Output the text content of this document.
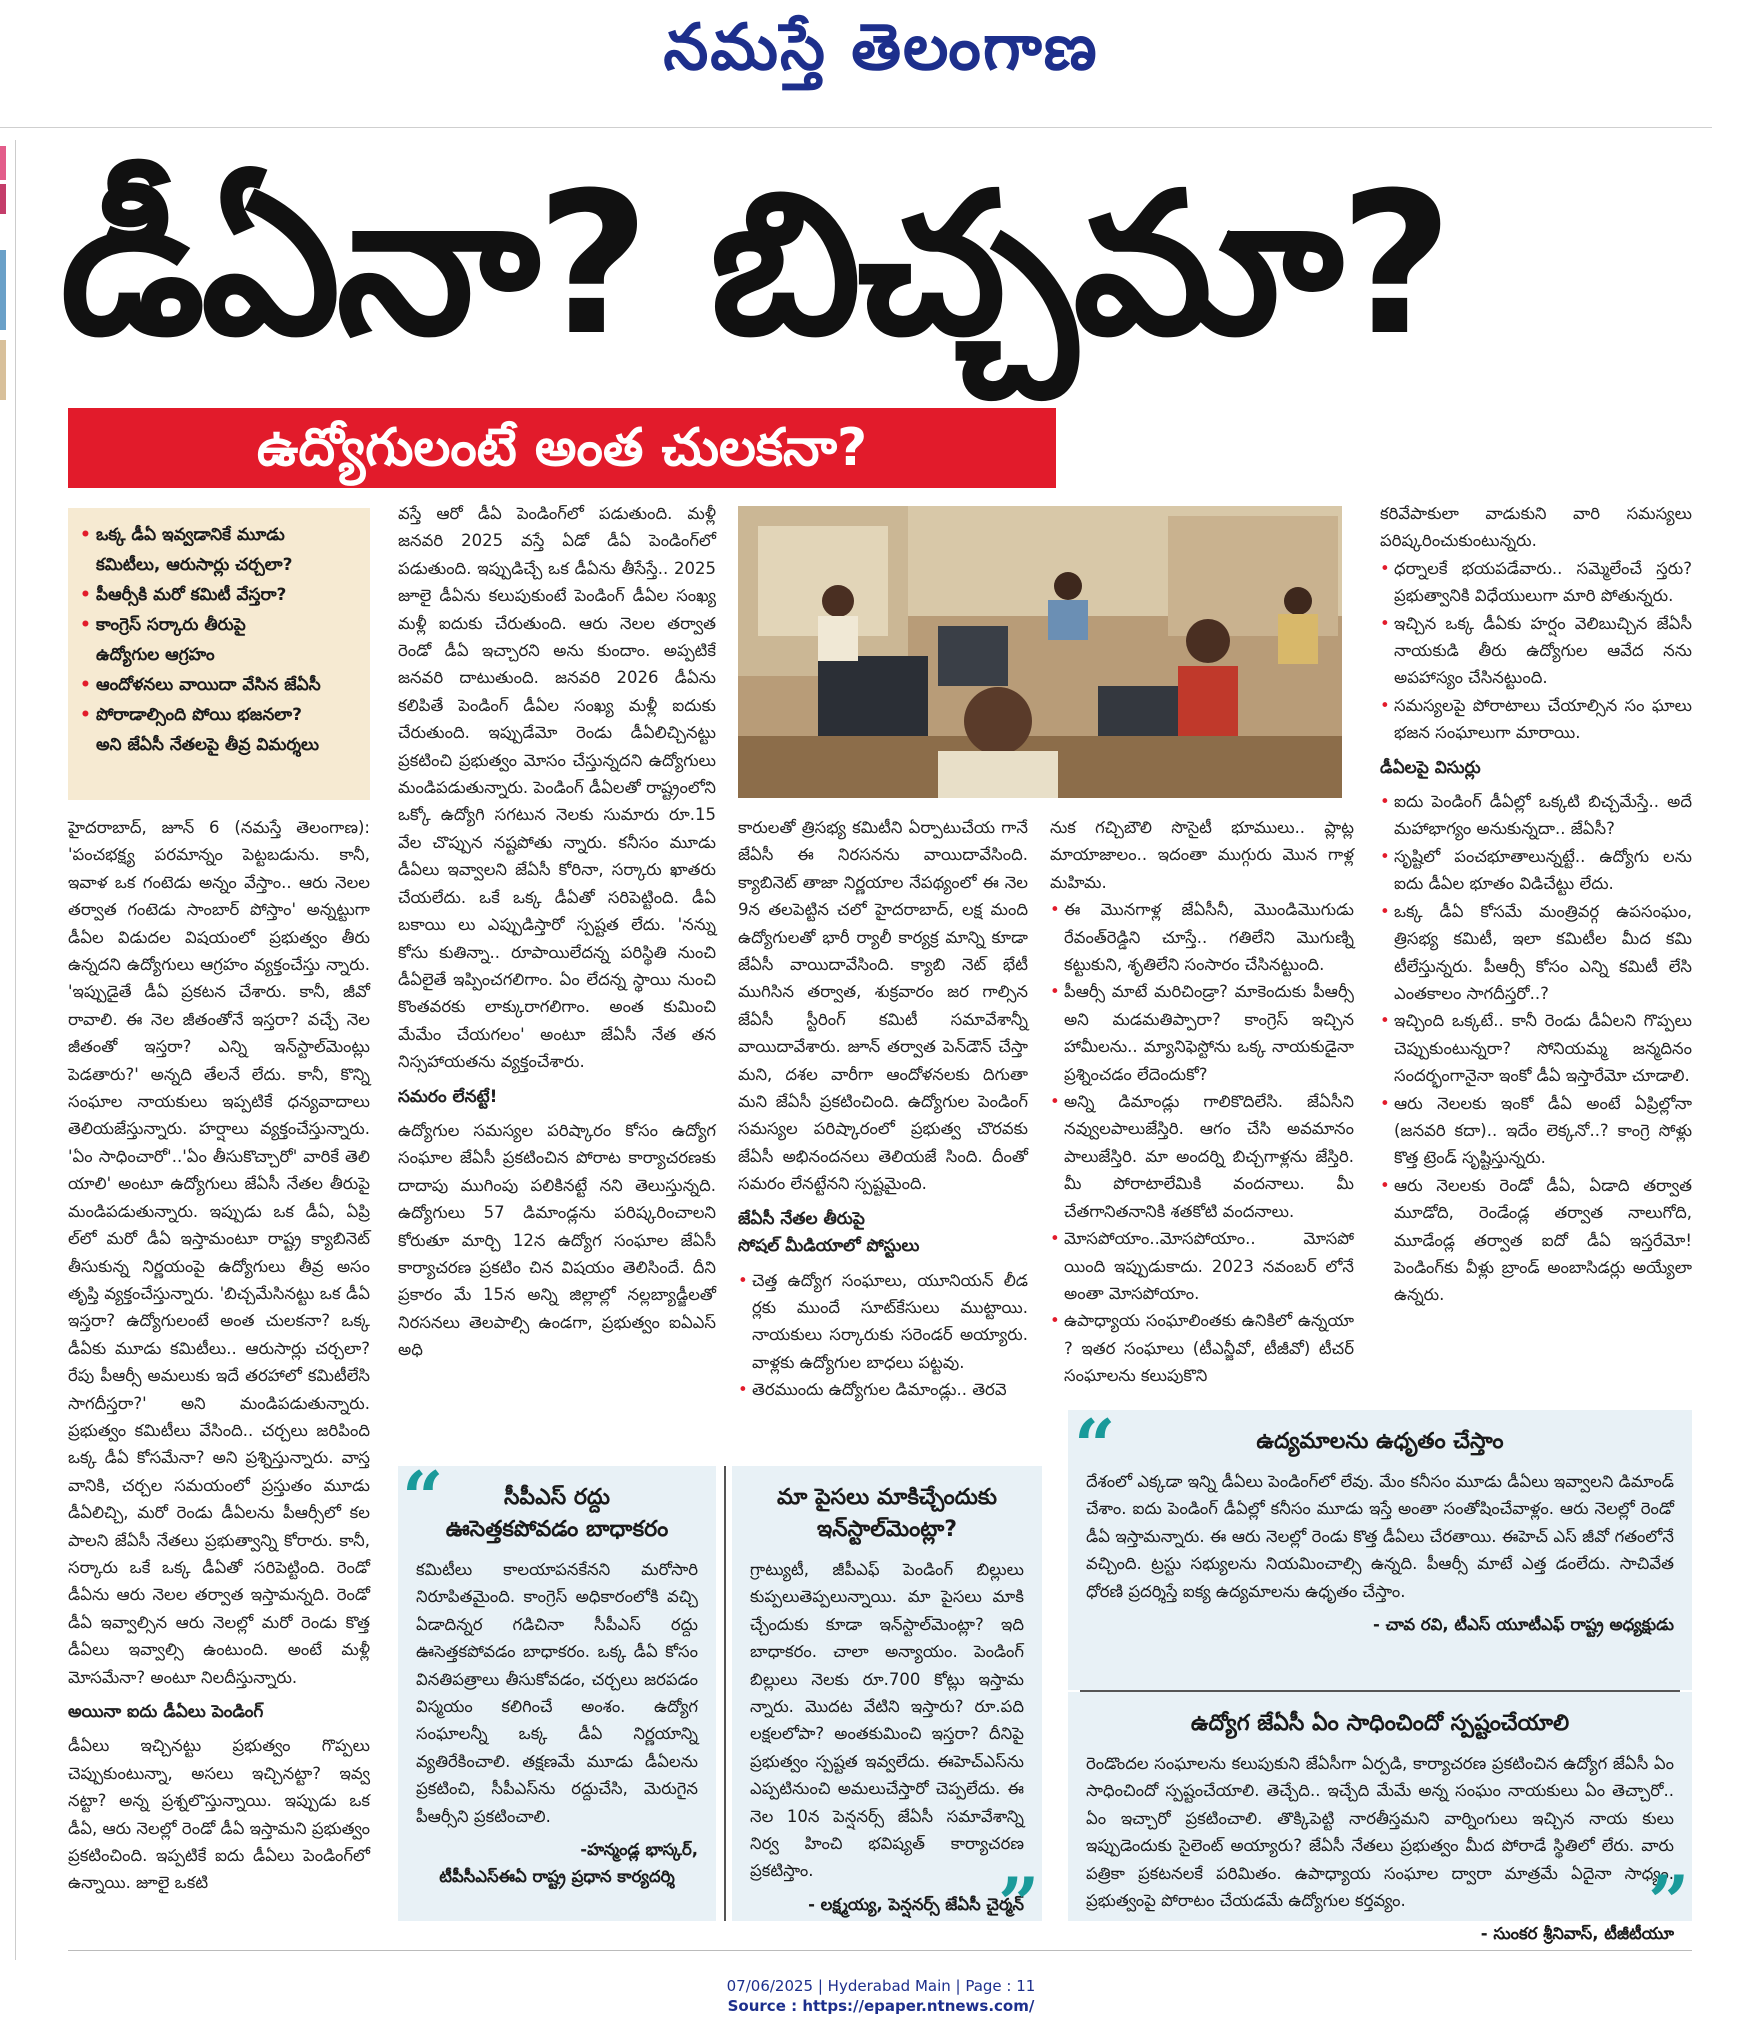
నమస్తే తెలంగాణ
డీఏనా? బిచ్చమా?
ఉద్యోగులంటే అంత చులకనా?
• ఒక్క డీఏ ఇవ్వడానికే మూడు
కమిటీలు, ఆరుసార్లు చర్చలా?
• పీఆర్సీకి మరో కమిటీ వేస్తరా?
• కాంగ్రెస్ సర్కారు తీరుపై
ఉద్యోగుల ఆగ్రహం
• ఆందోళనలు వాయిదా వేసిన జేఏసీ
• పోరాడాల్సింది పోయి భజనలా?
అని జేఏసీ నేతలపై తీవ్ర విమర్శలు

హైదరాబాద్, జూన్ 6 (నమస్తే తెలంగాణ): 'పంచభక్ష్య పరమాన్నం పెట్టబడును. కానీ, ఇవాళ ఒక గంటెడు అన్నం వేస్తాం.. ఆరు నెలల తర్వాత గంటెడు సాంబార్ పోస్తాం' అన్నట్టుగా డీఏల విడుదల విషయంలో ప్రభుత్వం తీరు ఉన్నదని ఉద్యోగులు ఆగ్రహం వ్యక్తంచేస్తు న్నారు. 'ఇప్పుడైతే డీఏ ప్రకటన చేశారు. కానీ, జీవో రావాలి. ఈ నెల జీతంతోనే ఇస్తరా? వచ్చే నెల జీతంతో ఇస్తరా? ఎన్ని ఇన్‌స్టాల్‌మెంట్లు పెడతారు?' అన్నది తేలనే లేదు. కానీ, కొన్ని సంఘాల నాయకులు ఇప్పటికే ధన్యవాదాలు తెలియజేస్తున్నారు. హర్షాలు వ్యక్తంచేస్తున్నారు. 'ఏం సాధించారో'..'ఏం తీసుకొచ్చారో' వారికే తెలి యాలి' అంటూ ఉద్యోగులు జేఏసీ నేతల తీరుపై మండిపడుతున్నారు. ఇప్పుడు ఒక డీఏ, ఏప్రి ల్‌లో మరో డీఏ ఇస్తామంటూ రాష్ట్ర క్యాబినెట్ తీసుకున్న నిర్ణయంపై ఉద్యోగులు తీవ్ర అసం తృప్తి వ్యక్తంచేస్తున్నారు. 'బిచ్చమేసినట్టు ఒక డీఏ ఇస్తరా? ఉద్యోగులంటే అంత చులకనా? ఒక్క డీఏకు మూడు కమిటీలు.. ఆరుసార్లు చర్చలా? రేపు పీఆర్సీ అమలుకు ఇదే తరహాలో కమిటీలేసి సాగదీస్తరా?' అని మండిపడుతున్నారు. ప్రభుత్వం కమిటీలు వేసింది.. చర్చలు జరిపింది ఒక్క డీఏ కోసమేనా? అని ప్రశ్నిస్తున్నారు. వాస్త వానికి, చర్చల సమయంలో ప్రస్తుతం మూడు డీఏలిచ్చి, మరో రెండు డీఏలను పీఆర్సీలో కల పాలని జేఏసీ నేతలు ప్రభుత్వాన్ని కోరారు. కానీ, సర్కారు ఒకే ఒక్క డీఏతో సరిపెట్టింది. రెండో డీఏను ఆరు నెలల తర్వాత ఇస్తామన్నది. రెండో డీఏ ఇవ్వాల్సిన ఆరు నెలల్లో మరో రెండు కొత్త డీఏలు ఇవ్వాల్సి ఉంటుంది. అంటే మళ్లీ మోసమేనా? అంటూ నిలదీస్తున్నారు.

అయినా ఐదు డీఏలు పెండింగ్

డీఏలు ఇచ్చినట్టు ప్రభుత్వం గొప్పలు చెప్పుకుంటున్నా, అసలు ఇచ్చినట్టా? ఇవ్వ నట్టా? అన్న ప్రశ్నలొస్తున్నాయి. ఇప్పుడు ఒక డీఏ, ఆరు నెలల్లో రెండో డీఏ ఇస్తామని ప్రభుత్వం ప్రకటించింది. ఇప్పటికే ఐదు డీఏలు పెండింగ్‌లో ఉన్నాయి. జూలై ఒకటి

వస్తే ఆరో డీఏ పెండింగ్‌లో పడుతుంది. మళ్లీ జనవరి 2025 వస్తే ఏడో డీఏ పెండింగ్‌లో పడుతుంది. ఇప్పుడిచ్చే ఒక డీఏను తీసేస్తే.. 2025 జూలై డీఏను కలుపుకుంటే పెండింగ్ డీఏల సంఖ్య మళ్లీ ఐదుకు చేరుతుంది. ఆరు నెలల తర్వాత రెండో డీఏ ఇచ్చారని అను కుందాం. అప్పటికే జనవరి దాటుతుంది. జనవరి 2026 డీఏను కలిపితే పెండింగ్ డీఏల సంఖ్య మళ్లీ ఐదుకు చేరుతుంది. ఇప్పుడేమో రెండు డీఏలిచ్చినట్టు ప్రకటించి ప్రభుత్వం మోసం చేస్తున్నదని ఉద్యోగులు మండిపడుతున్నారు. పెండింగ్ డీఏలతో రాష్ట్రంలోని ఒక్కో ఉద్యోగి సగటున నెలకు సుమారు రూ.15 వేల చొప్పున నష్టపోతు న్నారు. కనీసం మూడు డీఏలు ఇవ్వాలని జేఏసీ కోరినా, సర్కారు ఖాతరు చేయలేదు. ఒకే ఒక్క డీఏతో సరిపెట్టింది. డీఏ బకాయి లు ఎప్పుడిస్తారో స్పష్టత లేదు. 'నన్ను కోసు కుతిన్నా.. రూపాయిలేదన్న పరిస్థితి నుంచి డీఏలైతే ఇప్పించగలిగాం. ఏం లేదన్న స్థాయి నుంచి కొంతవరకు లాక్కురాగలిగాం. అంత కుమించి మేమేం చేయగలం' అంటూ జేఏసీ నేత తన నిస్సహాయతను వ్యక్తంచేశారు.

సమరం లేనట్టే!

ఉద్యోగుల సమస్యల పరిష్కారం కోసం ఉద్యోగ సంఘాల జేఏసీ ప్రకటించిన పోరాట కార్యాచరణకు దాదాపు ముగింపు పలికినట్టే నని తెలుస్తున్నది. ఉద్యోగులు 57 డిమాండ్లను పరిష్కరించాలని కోరుతూ మార్చి 12న ఉద్యోగ సంఘాల జేఏసీ కార్యాచరణ ప్రకటిం చిన విషయం తెలిసిందే. దీని ప్రకారం మే 15న అన్ని జిల్లాల్లో నల్లబ్యాడ్జీలతో నిరసనలు తెలపాల్సి ఉండగా, ప్రభుత్వం ఐఏఎస్ అధి

కారులతో త్రిసభ్య కమిటీని ఏర్పాటుచేయ గానే జేఏసీ ఈ నిరసనను వాయిదావేసింది. క్యాబినెట్ తాజా నిర్ణయాల నేపథ్యంలో ఈ నెల 9న తలపెట్టిన చలో హైదరాబాద్, లక్ష మంది ఉద్యోగులతో భారీ ర్యాలీ కార్యక్ర మాన్ని కూడా జేఏసీ వాయిదావేసింది. క్యాబి నెట్ భేటీ ముగిసిన తర్వాత, శుక్రవారం జర గాల్సిన జేఏసీ స్టీరింగ్ కమిటీ సమావేశాన్నీ వాయిదావేశారు. జూన్ తర్వాత పెన్‌డౌన్ చేస్తా మని, దశల వారీగా ఆందోళనలకు దిగుతా మని జేఏసీ ప్రకటించింది. ఉద్యోగుల పెండింగ్ సమస్యల పరిష్కారంలో ప్రభుత్వ చొరవకు జేఏసీ అభినందనలు తెలియజే సింది. దీంతో సమరం లేనట్టేనని స్పష్టమైంది.

జేఏసీ నేతల తీరుపై
సోషల్ మీడియాలో పోస్టులు
• చెత్త ఉద్యోగ సంఘాలు, యూనియన్ లీడ ర్లకు ముందే సూట్‌కేసులు ముట్టాయి. నాయకులు సర్కారుకు సరెండర్ అయ్యారు. వాళ్లకు ఉద్యోగుల బాధలు పట్టవు.
• తెరముందు ఉద్యోగుల డిమాండ్లు.. తెరవె

నుక గచ్చిబౌలి సొసైటీ భూములు.. ప్లాట్ల మాయాజాలం.. ఇదంతా ముగ్గురు మొన గాళ్ల మహిమ.

• ఈ మొనగాళ్ల జేఏసీనీ, మొండిమొగుడు రేవంత్‌రెడ్డిని చూస్తే.. గతిలేని మొగుణ్ని కట్టుకుని, శృతిలేని సంసారం చేసినట్టుంది.
• పీఆర్సీ మాటే మరిచిండ్రా? మాకెందుకు పీఆర్సీ అని మడమతిప్పారా? కాంగ్రెస్ ఇచ్చిన హామీలను.. మ్యానిఫెస్టోను ఒక్క నాయకుడైనా ప్రశ్నించడం లేదెందుకో?
• అన్ని డిమాండ్లు గాలికొదిలేసి. జేఏసీని నవ్వులపాలుజేస్తిరి. ఆగం చేసి అవమానం పాలుజేస్తిరి. మా అందర్ని బిచ్చగాళ్లను జేస్తిరి. మీ పోరాటాలేమికి వందనాలు. మీ చేతగానితనానికి శతకోటి వందనాలు.
• మోసపోయాం..మోసపోయాం.. మోసపో యింది ఇప్పుడుకాదు. 2023 నవంబర్ లోనే అంతా మోసపోయాం.
• ఉపాధ్యాయ సంఘాలింతకు ఉనికిలో ఉన్నయా ? ఇతర సంఘాలు (టీఎన్జీవో, టీజీవో) టీచర్ సంఘాలను కలుపుకొని

కరివేపాకులా వాడుకుని వారి సమస్యలు పరిష్కరించుకుంటున్నరు.

• ధర్నాలకే భయపడేవారు.. సమ్మెలేంచే స్తరు? ప్రభుత్వానికి విధేయులుగా మారి పోతున్నరు.
• ఇచ్చిన ఒక్క డీఏకు హర్షం వెలిబుచ్చిన జేఏసీ నాయకుడి తీరు ఉద్యోగుల ఆవేద నను అపహాస్యం చేసినట్టుంది.
• సమస్యలపై పోరాటాలు చేయాల్సిన సం ఘాలు భజన సంఘాలుగా మారాయి.
డీఏలపై విసుర్లు
• ఐదు పెండింగ్ డీఏల్లో ఒక్కటి బిచ్చమేస్తే.. అదే మహాభాగ్యం అనుకున్నదా.. జేఏసీ?
• సృష్టిలో పంచభూతాలున్నట్టే.. ఉద్యోగు లను ఐదు డీఏల భూతం విడిచేట్టు లేదు.
• ఒక్క డీఏ కోసమే మంత్రివర్గ ఉపసంఘం, త్రిసభ్య కమిటీ, ఇలా కమిటీల మీద కమి టీలేస్తున్నరు. పీఆర్సీ కోసం ఎన్ని కమిటీ లేసి ఎంతకాలం సాగదీస్తరో..?
• ఇచ్చింది ఒక్కటే.. కానీ రెండు డీఏలని గొప్పలు చెప్పుకుంటున్నరా? సోనియమ్మ జన్మదినం సందర్భంగానైనా ఇంకో డీఏ ఇస్తారేమో చూడాలి.
• ఆరు నెలలకు ఇంకో డీఏ అంటే ఏప్రిల్లోనా (జనవరి కదా).. ఇదేం లెక్కనో..? కాంగ్రె సోళ్లు కొత్త ట్రెండ్ సృష్టిస్తున్నరు.
• ఆరు నెలలకు రెండో డీఏ, ఏడాది తర్వాత మూడోది, రెండేండ్ల తర్వాత నాలుగోది, మూడేండ్ల తర్వాత ఐదో డీఏ ఇస్తరేమో! పెండింగ్‌కు వీళ్లు బ్రాండ్ అంబాసిడర్లు అయ్యేలా ఉన్నరు.
సీపీఎస్ రద్దు
ఊసెత్తకపోవడం బాధాకరం

కమిటీలు కాలయాపనకేనని మరోసారి నిరూపితమైంది. కాంగ్రెస్ అధికారంలోకి వచ్చి ఏడాదిన్నర గడిచినా సీపీఎస్ రద్దు ఊసెత్తకపోవడం బాధాకరం. ఒక్క డీఏ కోసం వినతిపత్రాలు తీసుకోవడం, చర్చలు జరపడం విస్మయం కలిగించే అంశం. ఉద్యోగ సంఘాలన్నీ ఒక్క డీఏ నిర్ణయాన్ని వ్యతిరేకించాలి. తక్షణమే మూడు డీఏలను ప్రకటించి, సీపీఎస్‌ను రద్దుచేసి, మెరుగైన పీఆర్సీని ప్రకటించాలి.

-హన్మండ్ల భాస్కర్,
టీపీసీఎస్ఈఏ రాష్ట్ర ప్రధాన కార్యదర్శి
“	మా పైసలు మాకిచ్చేందుకు
ఇన్‌స్టాల్‌మెంట్లా?

గ్రాట్యుటీ, జీపీఎఫ్ పెండింగ్ బిల్లులు కుప్పలుతెప్పలున్నాయి. మా పైసలు మాకి చ్చేందుకు కూడా ఇన్‌స్టాల్‌మెంట్లా? ఇది బాధాకరం. చాలా అన్యాయం. పెండింగ్ బిల్లులు నెలకు రూ.700 కోట్లు ఇస్తామ న్నారు. మొదట వేటిని ఇస్తారు? రూ.పది లక్షలలోపా? అంతకుమించి ఇస్తరా? దీనిపై ప్రభుత్వం స్పష్టత ఇవ్వలేదు. ఈహెచ్ఎస్‌ను ఎప్పటినుంచి అమలుచేస్తారో చెప్పలేదు. ఈ నెల 10న పెన్షనర్స్ జేఏసీ సమావేశాన్ని నిర్వ హించి భవిష్యత్ కార్యాచరణ ప్రకటిస్తాం.

- లక్ష్మయ్య, పెన్షనర్స్ జేఏసీ చైర్మన్
”
ఉద్యమాలను ఉధృతం చేస్తాం

దేశంలో ఎక్కడా ఇన్ని డీఏలు పెండింగ్‌లో లేవు. మేం కనీసం మూడు డీఏలు ఇవ్వాలని డిమాండ్ చేశాం. ఐదు పెండింగ్ డీఏల్లో కనీసం మూడు ఇస్తే అంతా సంతోషించేవాళ్లం. ఆరు నెలల్లో రెండో డీఏ ఇస్తామన్నారు. ఈ ఆరు నెలల్లో రెండు కొత్త డీఏలు చేరతాయి. ఈహెచ్ ఎస్ జీవో గతంలోనే వచ్చింది. ట్రస్టు సభ్యులను నియమించాల్సి ఉన్నది. పీఆర్సీ మాటే ఎత్త డంలేదు. సాచివేత ధోరణి ప్రదర్శిస్తే ఐక్య ఉద్యమాలను ఉధృతం చేస్తాం.

- చావ రవి, టీఎస్ యూటీఎఫ్ రాష్ట్ర అధ్యక్షుడు
“
ఉద్యోగ జేఏసీ ఏం సాధించిందో స్పష్టంచేయాలి

రెండొందల సంఘాలను కలుపుకుని జేఏసీగా ఏర్పడి, కార్యాచరణ ప్రకటించిన ఉద్యోగ జేఏసీ ఏం సాధించిందో స్పష్టంచేయాలి. తెచ్చేది.. ఇచ్చేది మేమే అన్న సంఘం నాయకులు ఏం తెచ్చారో.. ఏం ఇచ్చారో ప్రకటించాలి. తొక్కిపెట్టి నారతీస్తమని వార్నింగులు ఇచ్చిన నాయ కులు ఇప్పుడెందుకు సైలెంట్ అయ్యారు? జేఏసీ నేతలు ప్రభుత్వం మీద పోరాడే స్థితిలో లేరు. వారు పత్రికా ప్రకటనలకే పరిమితం. ఉపాధ్యాయ సంఘాల ద్వారా మాత్రమే ఏదైనా సాధ్యం. ప్రభుత్వంపై పోరాటం చేయడమే ఉద్యోగుల కర్తవ్యం.

- సుంకర శ్రీనివాస్, టీజీటీయూ
”
07/06/2025 | Hyderabad Main | Page : 11
Source : https://epaper.ntnews.com/
